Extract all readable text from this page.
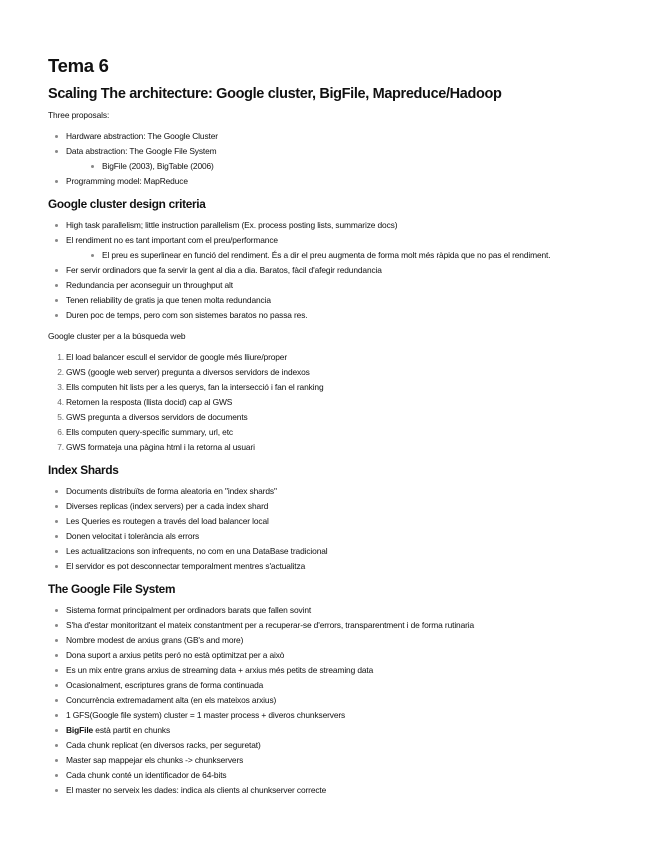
Tema 6
Scaling The architecture: Google cluster, BigFile, Mapreduce/Hadoop

Three proposals:

Hardware abstraction: The Google Cluster
Data abstraction: The Google File System
BigFile (2003), BigTable (2006)
Programming model: MapReduce
Google cluster design criteria
High task parallelism; little instruction parallelism (Ex. process posting lists, summarize docs)
El rendiment no es tant important com el preu/performance
El preu es superlinear en funció del rendiment. És a dir el preu augmenta de forma molt més ràpida que no pas el rendiment.
Fer servir ordinadors que fa servir la gent al dia a dia. Baratos, fàcil d'afegir redundancia
Redundancia per aconseguir un throughput alt
Tenen reliability de gratis ja que tenen molta redundancia
Duren poc de temps, pero com son sistemes baratos no passa res.

Google cluster per a la búsqueda web

1. El load balancer escull el servidor de google més lliure/proper
2. GWS (google web server) pregunta a diversos servidors de indexos
3. Ells computen hit lists per a les querys, fan la intersecció i fan el ranking
4. Retornen la resposta (llista docid) cap al GWS
5. GWS pregunta a diversos servidors de documents
6. Ells computen query-specific summary, url, etc
7. GWS formateja una pàgina html i la retorna al usuari
Index Shards
Documents distribuïts de forma aleatoria en "index shards"
Diverses replicas (index servers) per a cada index shard
Les Queries es routegen a través del load balancer local
Donen velocitat i tolerància als errors
Les actualitzacions son infrequents, no com en una DataBase tradicional
El servidor es pot desconnectar temporalment mentres s'actualitza
The Google File System
Sistema format principalment per ordinadors barats que fallen sovint
S'ha d'estar monitoritzant el mateix constantment per a recuperar-se d'errors, transparentment i de forma rutinaria
Nombre modest de arxius grans (GB's and more)
Dona suport a arxius petits peró no està optimitzat per a això
Es un mix entre grans arxius de streaming data + arxius més petits de streaming data
Ocasionalment, escriptures grans de forma continuada
Concurrència extremadament alta (en els mateixos arxius)
1 GFS(Google file system) cluster = 1 master process + diveros chunkservers
BigFile està partit en chunks
Cada chunk replicat (en diversos racks, per seguretat)
Master sap mappejar els chunks -> chunkservers
Cada chunk conté un identificador de 64-bits
El master no serveix les dades: indica als clients al chunkserver correcte
